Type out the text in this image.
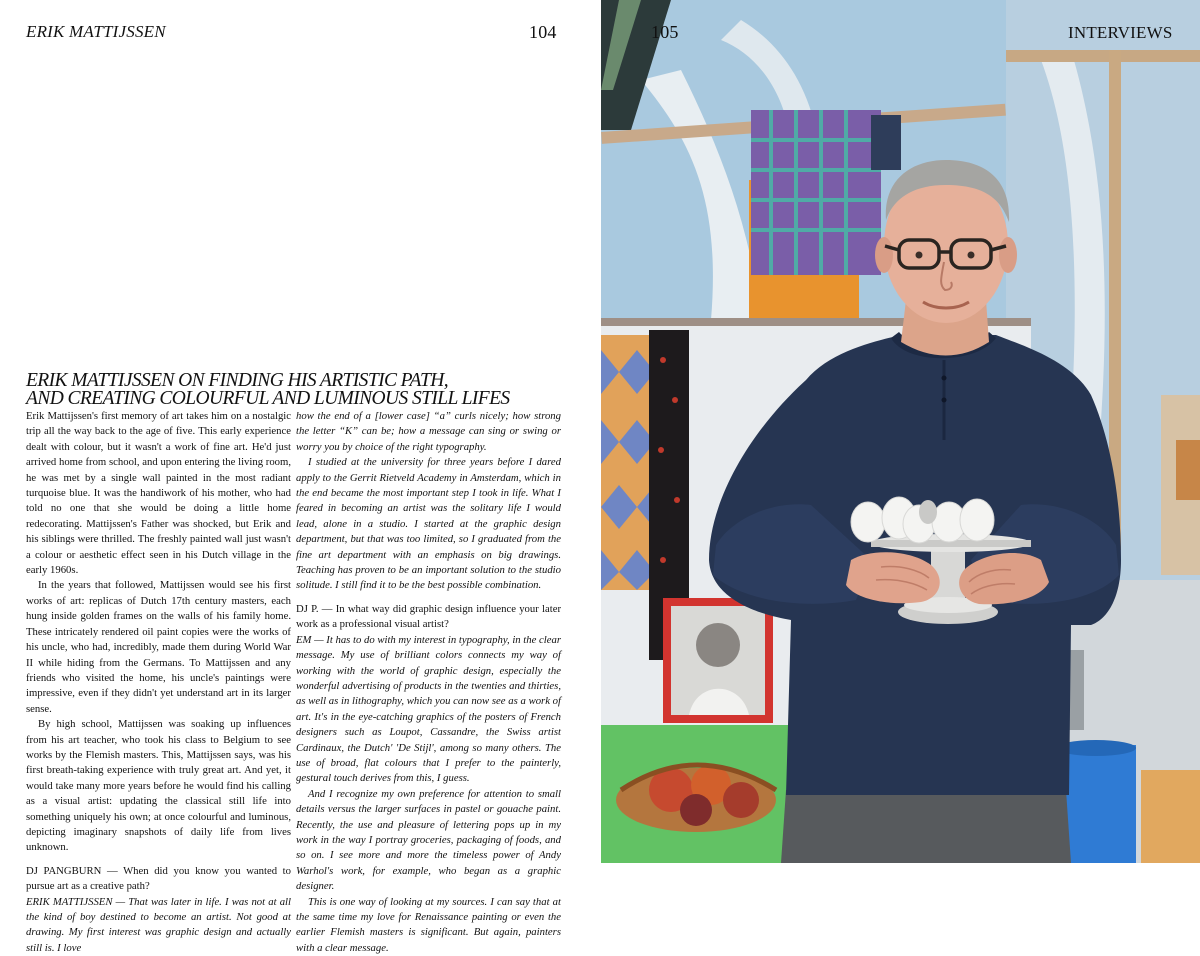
ERIK MATTIJSSEN	104
ERIK MATTIJSSEN ON FINDING HIS ARTISTIC PATH,
AND CREATING COLOURFUL AND LUMINOUS STILL LIFES

Erik Mattijssen's first memory of art takes him on a nostalgic trip all the way back to the age of five. This early experience dealt with colour, but it wasn't a work of fine art. He'd just arrived home from school, and upon entering the living room, he was met by a single wall painted in the most radiant turquoise blue. It was the handiwork of his mother, who had told no one that she would be doing a little home redecorating. Mattijssen's Father was shocked, but Erik and his siblings were thrilled. The freshly painted wall just wasn't a colour or aesthetic effect seen in his Dutch village in the early 1960s.

In the years that followed, Mattijssen would see his first works of art: replicas of Dutch 17th century masters, each hung inside golden frames on the walls of his family home. These intricately rendered oil paint copies were the works of his uncle, who had, incredibly, made them during World War II while hiding from the Germans. To Mattijssen and any friends who visited the home, his uncle's paintings were impressive, even if they didn't yet understand art in its larger sense.

By high school, Mattijssen was soaking up influences from his art teacher, who took his class to Belgium to see works by the Flemish masters. This, Mattijssen says, was his first breath-taking experience with truly great art. And yet, it would take many more years before he would find his calling as a visual artist: updating the classical still life into something uniquely his own; at once colourful and luminous, depicting imaginary snapshots of daily life from lives unknown.

DJ PANGBURN — When did you know you wanted to pursue art as a creative path?

ERIK MATTIJSSEN — That was later in life. I was not at all the kind of boy destined to become an artist. Not good at drawing. My first interest was graphic design and actually still is. I love

how the end of a [lower case] “a” curls nicely; how strong the letter “K” can be; how a message can sing or swing or worry you by choice of the right typography.

I studied at the university for three years before I dared apply to the Gerrit Rietveld Academy in Amsterdam, which in the end became the most important step I took in life. What I feared in becoming an artist was the solitary life I would lead, alone in a studio. I started at the graphic design department, but that was too limited, so I graduated from the fine art department with an emphasis on big drawings. Teaching has proven to be an important solution to the studio solitude. I still find it to be the best possible combination.

DJ P. — In what way did graphic design influence your later work as a professional visual artist?

EM — It has to do with my interest in typography, in the clear message. My use of brilliant colors connects my way of working with the world of graphic design, especially the wonderful advertising of products in the twenties and thirties, as well as in lithography, which you can now see as a work of art. It's in the eye-catching graphics of the posters of French designers such as Loupot, Cassandre, the Swiss artist Cardinaux, the Dutch' 'De Stijl', among so many others. The use of broad, flat colours that I prefer to the painterly, gestural touch derives from this, I guess.

And I recognize my own preference for attention to small details versus the larger surfaces in pastel or gouache paint. Recently, the use and pleasure of lettering pops up in my work in the way I portray groceries, packaging of foods, and so on. I see more and more the timeless power of Andy Warhol's work, for example, who began as a graphic designer.

This is one way of looking at my sources. I can say that at the same time my love for Renaissance painting or even the earlier Flemish masters is significant. But again, painters with a clear message.

105	INTERVIEWS
